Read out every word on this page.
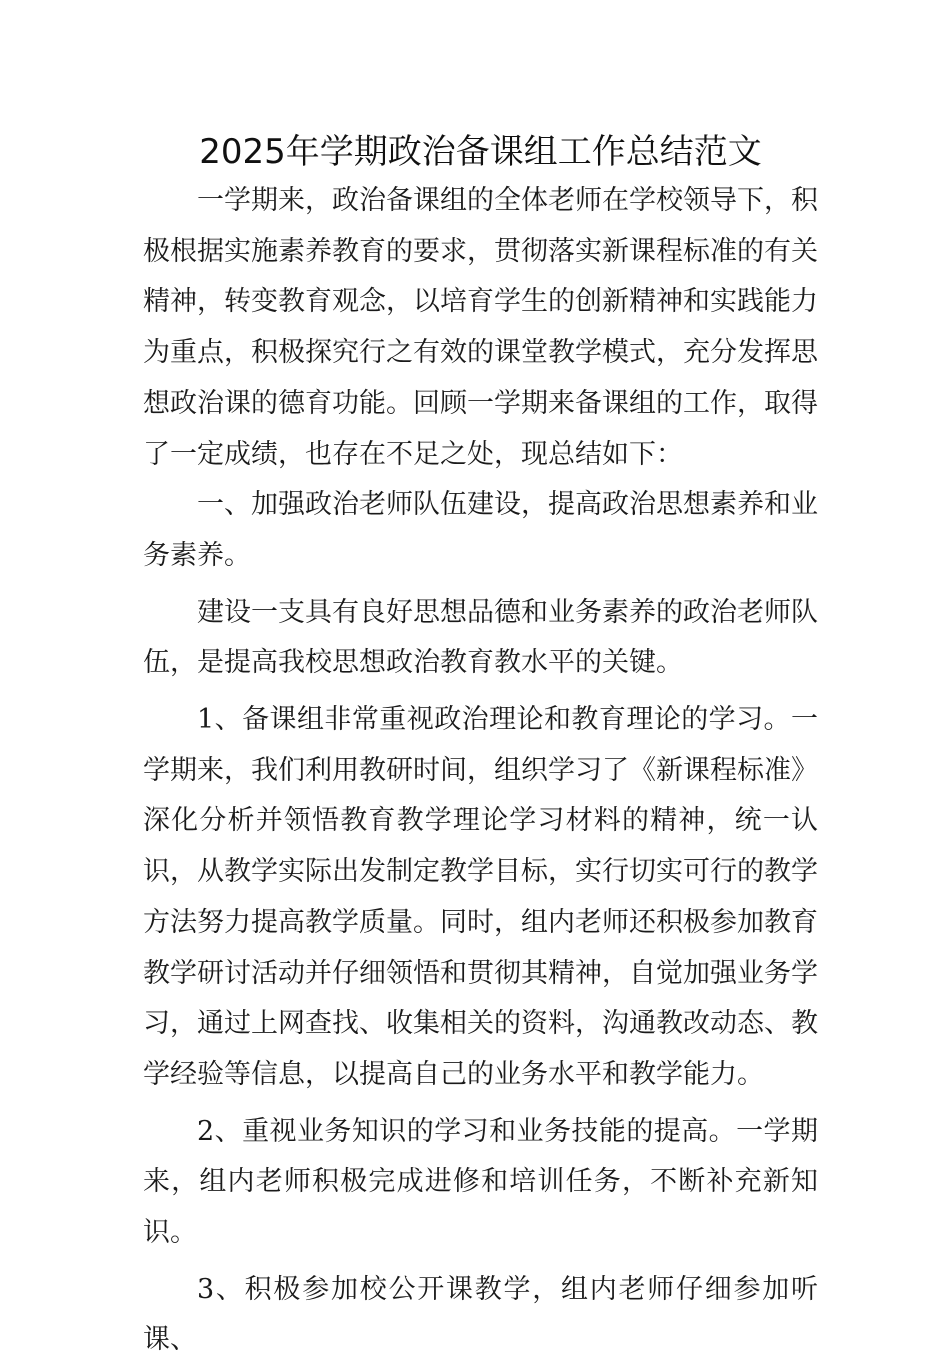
2025年学期政治备课组工作总结范文

一学期来，政治备课组的全体老师在学校领导下，积极根据实施素养教育的要求，贯彻落实新课程标准的有关精神，转变教育观念，以培育学生的创新精神和实践能力为重点，积极探究行之有效的课堂教学模式，充分发挥思想政治课的德育功能。回顾一学期来备课组的工作，取得了一定成绩，也存在不足之处，现总结如下：

一、加强政治老师队伍建设，提高政治思想素养和业务素养。

建设一支具有良好思想品德和业务素养的政治老师队伍，是提高我校思想政治教育教水平的关键。

1、备课组非常重视政治理论和教育理论的学习。一学期来，我们利用教研时间，组织学习了《新课程标准》深化分析并领悟教育教学理论学习材料的精神，统一认识，从教学实际出发制定教学目标，实行切实可行的教学方法努力提高教学质量。同时，组内老师还积极参加教育教学研讨活动并仔细领悟和贯彻其精神，自觉加强业务学习，通过上网查找、收集相关的资料，沟通教改动态、教学经验等信息，以提高自己的业务水平和教学能力。

2、重视业务知识的学习和业务技能的提高。一学期来，组内老师积极完成进修和培训任务，不断补充新知识。

3、积极参加校公开课教学，组内老师仔细参加听课、
